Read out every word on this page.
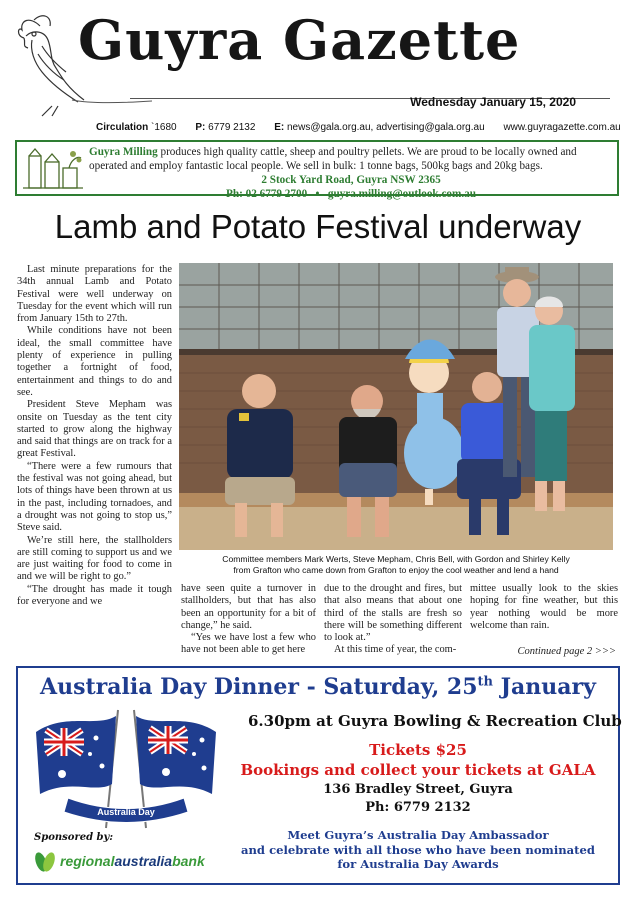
Guyra Gazette
Wednesday January 15, 2020
Circulation `1680 P: 6779 2132 E: news@gala.org.au, advertising@gala.org.au www.guyragazette.com.au
Guyra Milling produces high quality cattle, sheep and poultry pellets. We are proud to be locally owned and operated and employ fantastic local people. We sell in bulk: 1 tonne bags, 500kg bags and 20kg bags.
2 Stock Yard Road, Guyra NSW 2365
Ph: 02 6779 2700 • guyra.milling@outlook.com.au
Lamb and Potato Festival underway

Last minute preparations for the 34th annual Lamb and Potato Festival were well underway on Tuesday for the event which will run from January 15th to 27th.

While conditions have not been ideal, the small committee have plenty of experience in pulling together a fortnight of food, entertainment and things to do and see.

President Steve Mepham was onsite on Tuesday as the tent city started to grow along the highway and said that things are on track for a great Festival.

“There were a few rumours that the festival was not going ahead, but lots of things have been thrown at us in the past, including tornadoes, and a drought was not going to stop us,” Steve said.

We’re still here, the stallholders are still coming to support us and we are just waiting for food to come in and we will be right to go.”

“The drought has made it tough for everyone and we

Committee members Mark Werts, Steve Mepham, Chris Bell, with Gordon and Shirley Kelly
from Grafton who came down from Grafton to enjoy the cool weather and lend a hand

have seen quite a turnover in stallholders, but that has also been an opportunity for a bit of change,” he said.

“Yes we have lost a few who have not been able to get here

due to the drought and fires, but that also means that about one third of the stalls are fresh so there will be something different to look at.”

At this time of year, the com-

mittee usually look to the skies hoping for fine weather, but this year nothing would be more welcome than rain.

Continued page 2 >>>
Australia Day Dinner - Saturday, 25th January
Australia Day
6.30pm at Guyra Bowling & Recreation Club
Tickets $25
Bookings and collect your tickets at GALA
136 Bradley Street, Guyra
Ph: 6779 2132
Meet Guyra’s Australia Day Ambassador
and celebrate with all those who have been nominated
for Australia Day Awards
Sponsored by:
regionalaustraliabank
